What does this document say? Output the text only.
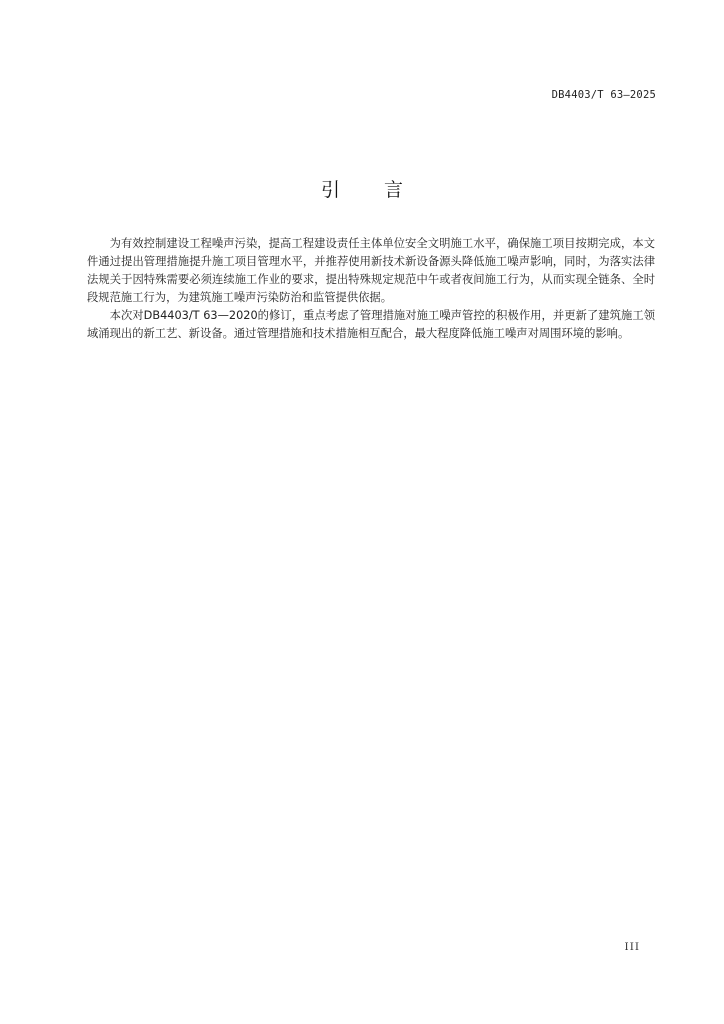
DB4403/T 63—2025
引言

为有效控制建设工程噪声污染，提高工程建设责任主体单位安全文明施工水平，确保施工项目按期完成，本文件通过提出管理措施提升施工项目管理水平，并推荐使用新技术新设备源头降低施工噪声影响，同时，为落实法律法规关于因特殊需要必须连续施工作业的要求，提出特殊规定规范中午或者夜间施工行为，从而实现全链条、全时段规范施工行为，为建筑施工噪声污染防治和监管提供依据。

本次对DB4403/T 63—2020的修订，重点考虑了管理措施对施工噪声管控的积极作用，并更新了建筑施工领域涌现出的新工艺、新设备。通过管理措施和技术措施相互配合，最大程度降低施工噪声对周围环境的影响。

III
